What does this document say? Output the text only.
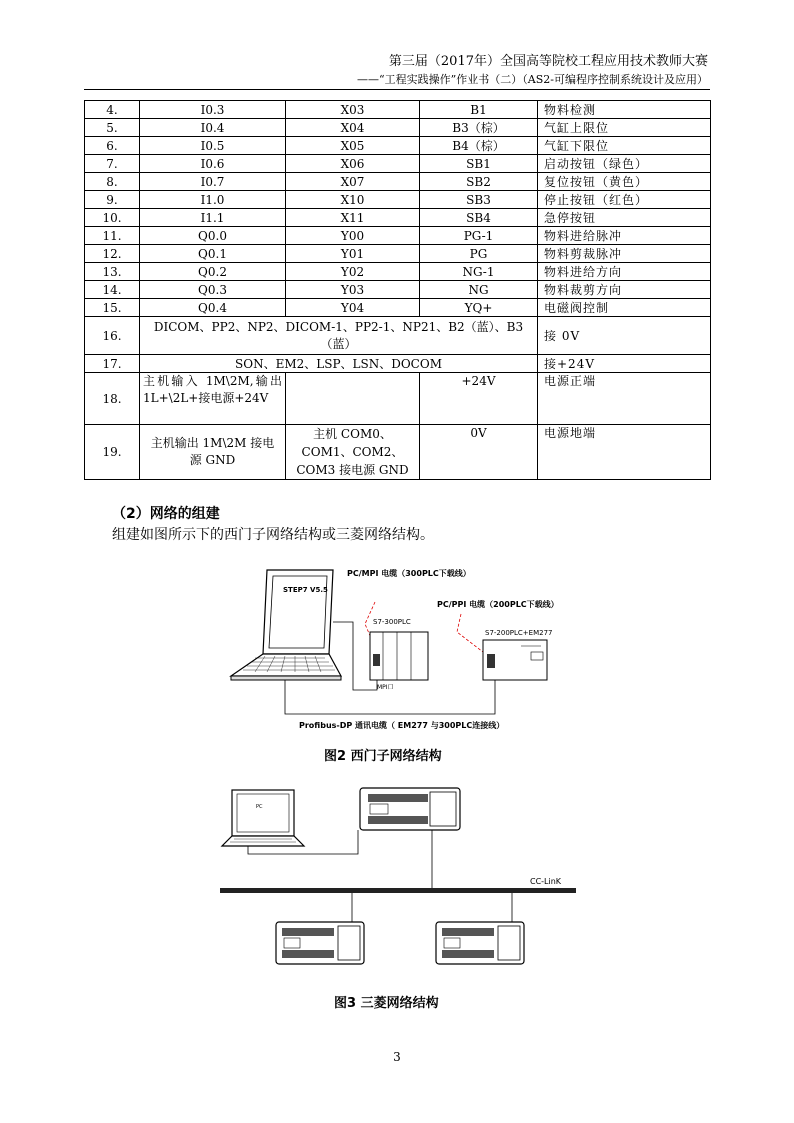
第三届（2017年）全国高等院校工程应用技术教师大赛
——“工程实践操作”作业书（二）（AS2-可编程序控制系统设计及应用）
4.	I0.3	X03	B1	物料检测
5.	I0.4	X04	B3（棕）	气缸上限位
6.	I0.5	X05	B4（棕）	气缸下限位
7.	I0.6	X06	SB1	启动按钮（绿色）
8.	I0.7	X07	SB2	复位按钮（黄色）
9.	I1.0	X10	SB3	停止按钮（红色）
10.	I1.1	X11	SB4	急停按钮
11.	Q0.0	Y00	PG-1	物料进给脉冲
12.	Q0.1	Y01	PG	物料剪裁脉冲
13.	Q0.2	Y02	NG-1	物料进给方向
14.	Q0.3	Y03	NG	物料裁剪方向
15.	Q0.4	Y04	YQ+	电磁阀控制
16.	DICOM、PP2、NP2、DICOM-1、PP2-1、NP21、B2（蓝）、B3（蓝）			接 0V
17.	SON、EM2、LSP、LSN、DOCOM			接+24V
18.	主机输入 1M\2M,输出 1L+\2L+接电源+24V		+24V	电源正端
19.	主机输出 1M\2M 接电源 GND	主机 COM0、COM1、COM2、COM3 接电源 GND	0V	电源地端
（2）网络的组建
组建如图所示下的西门子网络结构或三菱网络结构。
STEP7 V5.5
S7-300PLC
MPI口
S7-200PLC+EM277
PC/MPI 电缆（300PLC下载线）
PC/PPI 电缆（200PLC下载线）
Profibus-DP 通讯电缆（ EM277 与300PLC连接线）
图2 西门子网络结构
PC
CC-LinK
图3 三菱网络结构
3
